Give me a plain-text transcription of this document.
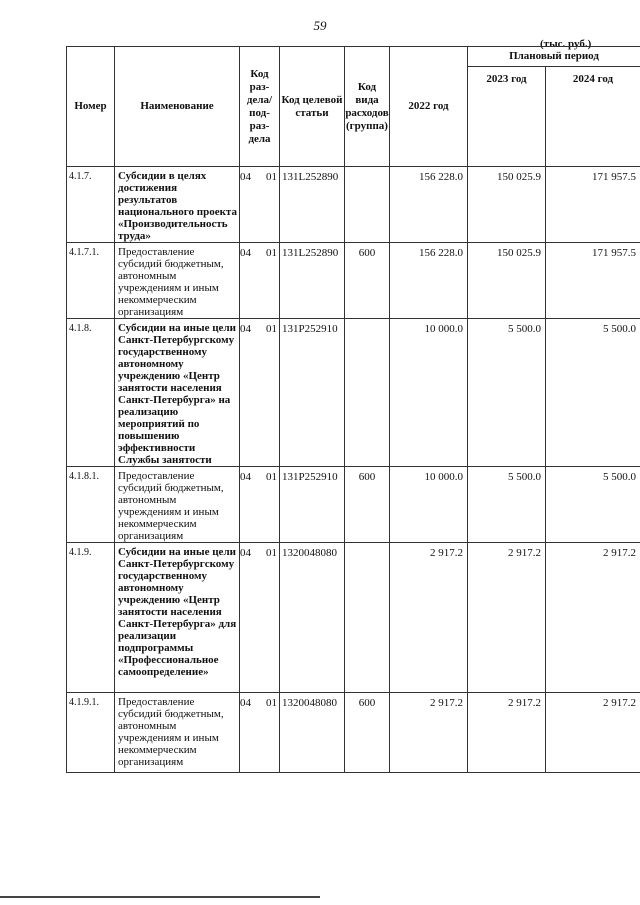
59
(тыс. руб.)
Номер	Наименование	Код раз-дела/ под-раз-дела	Код целевой статьи	Код вида расходов (группа)	2022 год	Плановый период	
						2023 год	2024 год
4.1.7.	Субсидии в целях достижения результатов национального проекта «Производительность труда»	04 01	131L252890		156 228.0	150 025.9	171 957.5
4.1.7.1.	Предоставление субсидий бюджетным, автономным учреждениям и иным некоммерческим организациям	04 01	131L252890	600	156 228.0	150 025.9	171 957.5
4.1.8.	Субсидии на иные цели Санкт-Петербургскому государственному автономному учреждению «Центр занятости населения Санкт-Петербурга» на реализацию мероприятий по повышению эффективности Службы занятости	04 01	131P252910		10 000.0	5 500.0	5 500.0
4.1.8.1.	Предоставление субсидий бюджетным, автономным учреждениям и иным некоммерческим организациям	04 01	131P252910	600	10 000.0	5 500.0	5 500.0
4.1.9.	Субсидии на иные цели Санкт-Петербургскому государственному автономному учреждению «Центр занятости населения Санкт-Петербурга» для реализации подпрограммы «Профессиональное самоопределение»	04 01	1320048080		2 917.2	2 917.2	2 917.2
4.1.9.1.	Предоставление субсидий бюджетным, автономным учреждениям и иным некоммерческим организациям	04 01	1320048080	600	2 917.2	2 917.2	2 917.2
